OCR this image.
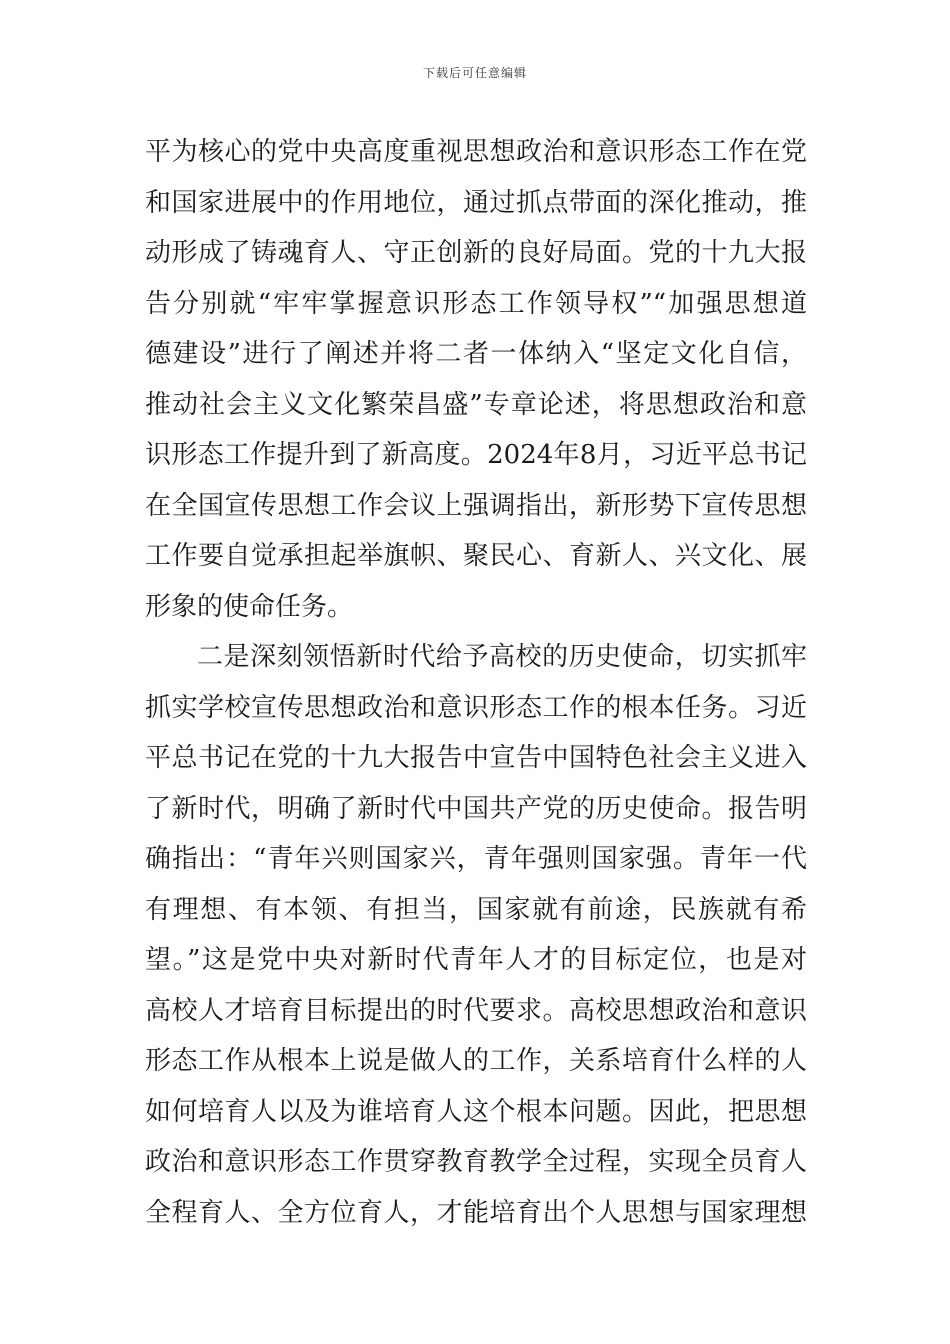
下载后可任意编辑
平为核心的党中央高度重视思想政治和意识形态工作在党
和国家进展中的作用地位，通过抓点带面的深化推动，推
动形成了铸魂育人、守正创新的良好局面。党的十九大报
告分别就“牢牢掌握意识形态工作领导权”“加强思想道
德建设”进行了阐述并将二者一体纳入“坚定文化自信，
推动社会主义文化繁荣昌盛”专章论述，将思想政治和意
识形态工作提升到了新高度。2024年8月，习近平总书记
在全国宣传思想工作会议上强调指出，新形势下宣传思想
工作要自觉承担起举旗帜、聚民心、育新人、兴文化、展
形象的使命任务。
二是深刻领悟新时代给予高校的历史使命，切实抓牢
抓实学校宣传思想政治和意识形态工作的根本任务。习近
平总书记在党的十九大报告中宣告中国特色社会主义进入
了新时代，明确了新时代中国共产党的历史使命。报告明
确指出：“青年兴则国家兴，青年强则国家强。青年一代
有理想、有本领、有担当，国家就有前途，民族就有希
望。”这是党中央对新时代青年人才的目标定位，也是对
高校人才培育目标提出的时代要求。高校思想政治和意识
形态工作从根本上说是做人的工作，关系培育什么样的人
如何培育人以及为谁培育人这个根本问题。因此，把思想
政治和意识形态工作贯穿教育教学全过程，实现全员育人
全程育人、全方位育人，才能培育出个人思想与国家理想
